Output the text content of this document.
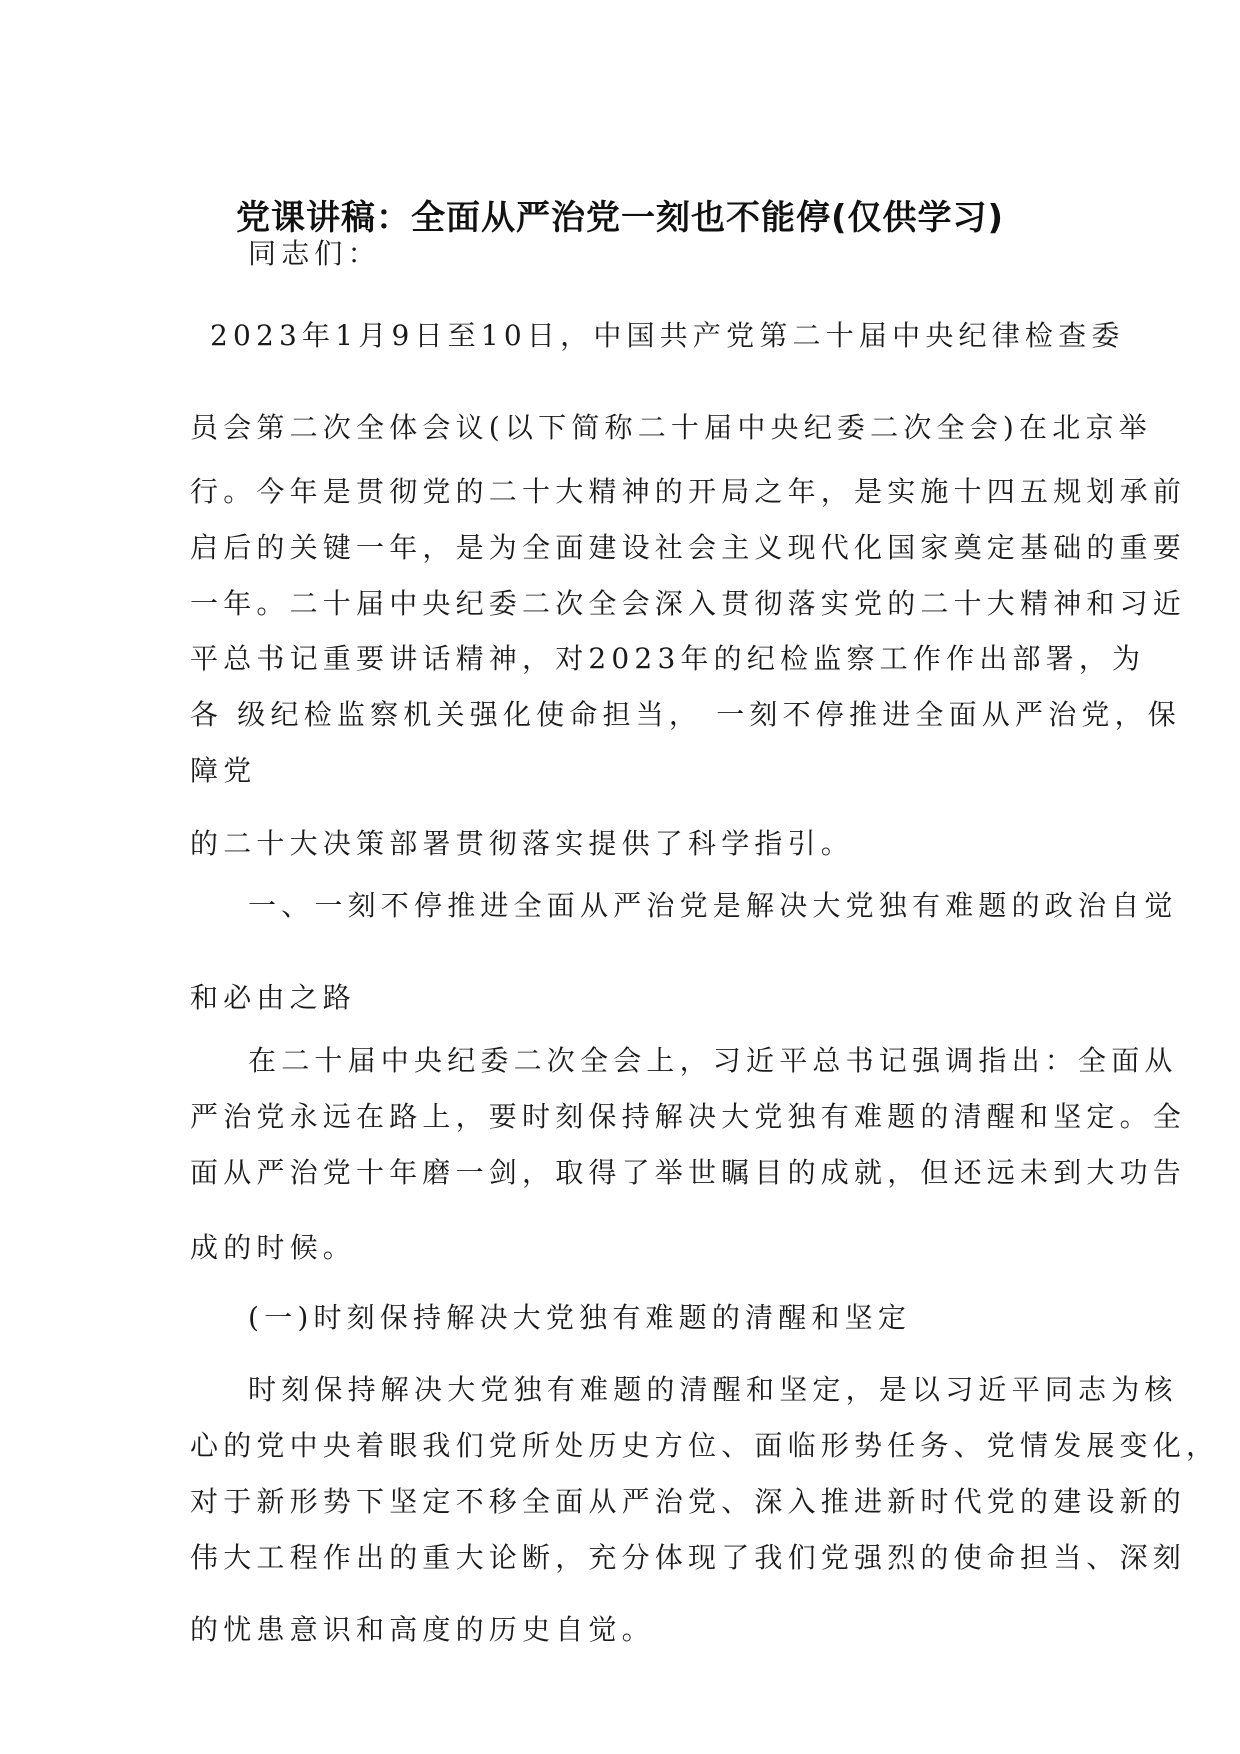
党课讲稿：全面从严治党一刻也不能停(仅供学习)
同志们：
2023年1月9日至10日，中国共产党第二十届中央纪律检查委
员会第二次全体会议(以下简称二十届中央纪委二次全会)在北京举
行。今年是贯彻党的二十大精神的开局之年，是实施十四五规划承前
启后的关键一年，是为全面建设社会主义现代化国家奠定基础的重要
一年。二十届中央纪委二次全会深入贯彻落实党的二十大精神和习近
平总书记重要讲话精神，对2023年的纪检监察工作作出部署，为
各 级纪检监察机关强化使命担当， 一刻不停推进全面从严治党，保
障党
的二十大决策部署贯彻落实提供了科学指引。
一、一刻不停推进全面从严治党是解决大党独有难题的政治自觉
和必由之路
在二十届中央纪委二次全会上，习近平总书记强调指出：全面从
严治党永远在路上，要时刻保持解决大党独有难题的清醒和坚定。全
面从严治党十年磨一剑，取得了举世瞩目的成就，但还远未到大功告
成的时候。
(一)时刻保持解决大党独有难题的清醒和坚定
时刻保持解决大党独有难题的清醒和坚定，是以习近平同志为核
心的党中央着眼我们党所处历史方位、面临形势任务、党情发展变化，
对于新形势下坚定不移全面从严治党、深入推进新时代党的建设新的
伟大工程作出的重大论断，充分体现了我们党强烈的使命担当、深刻
的忧患意识和高度的历史自觉。
